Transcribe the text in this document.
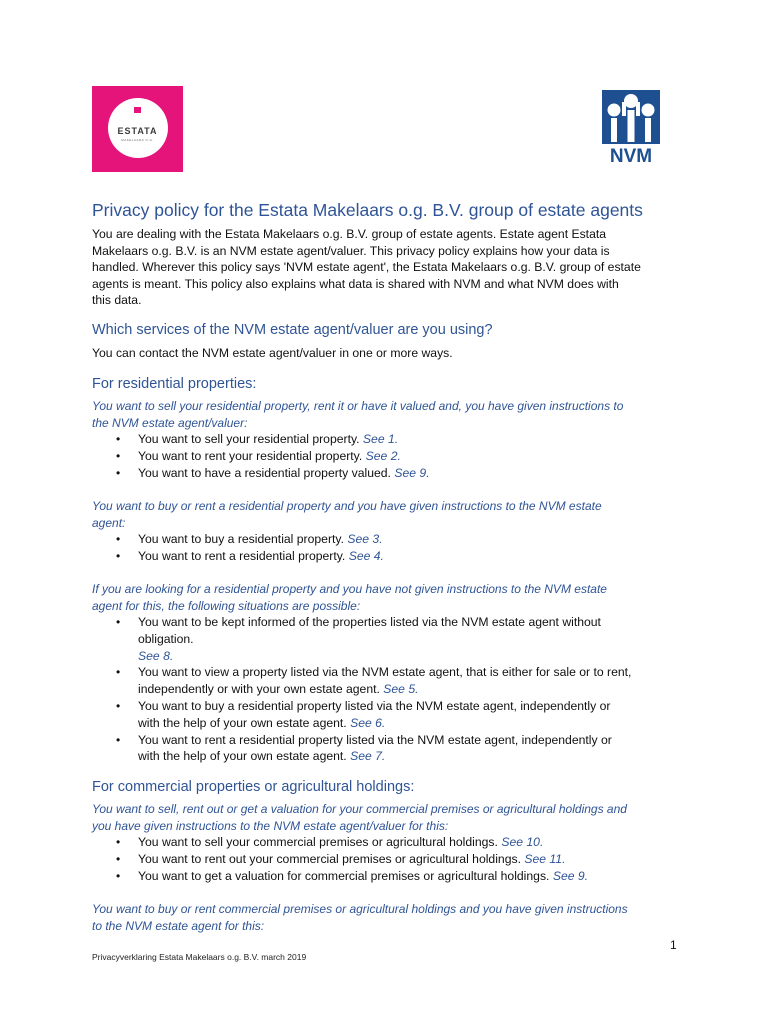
ESTATA
MAKELAARS O.G.
NVM
Privacy policy for the Estata Makelaars o.g. B.V. group of estate agents
You are dealing with the Estata Makelaars o.g. B.V. group of estate agents. Estate agent Estata
Makelaars o.g. B.V. is an NVM estate agent/valuer. This privacy policy explains how your data is
handled. Wherever this policy says 'NVM estate agent', the Estata Makelaars o.g. B.V. group of estate
agents is meant. This policy also explains what data is shared with NVM and what NVM does with
this data.
Which services of the NVM estate agent/valuer are you using?
You can contact the NVM estate agent/valuer in one or more ways.
For residential properties:
You want to sell your residential property, rent it or have it valued and, you have given instructions to
the NVM estate agent/valuer:
• You want to sell your residential property. See 1.
• You want to rent your residential property. See 2.
• You want to have a residential property valued. See 9.
You want to buy or rent a residential property and you have given instructions to the NVM estate
agent:
• You want to buy a residential property. See 3.
• You want to rent a residential property. See 4.
If you are looking for a residential property and you have not given instructions to the NVM estate
agent for this, the following situations are possible:
• You want to be kept informed of the properties listed via the NVM estate agent without
obligation.
See 8.
• You want to view a property listed via the NVM estate agent, that is either for sale or to rent,
independently or with your own estate agent. See 5.
• You want to buy a residential property listed via the NVM estate agent, independently or
with the help of your own estate agent. See 6.
• You want to rent a residential property listed via the NVM estate agent, independently or
with the help of your own estate agent. See 7.
For commercial properties or agricultural holdings:
You want to sell, rent out or get a valuation for your commercial premises or agricultural holdings and
you have given instructions to the NVM estate agent/valuer for this:
• You want to sell your commercial premises or agricultural holdings. See 10.
• You want to rent out your commercial premises or agricultural holdings. See 11.
• You want to get a valuation for commercial premises or agricultural holdings. See 9.
You want to buy or rent commercial premises or agricultural holdings and you have given instructions
to the NVM estate agent for this:
1
Privacyverklaring Estata Makelaars o.g. B.V. march 2019
